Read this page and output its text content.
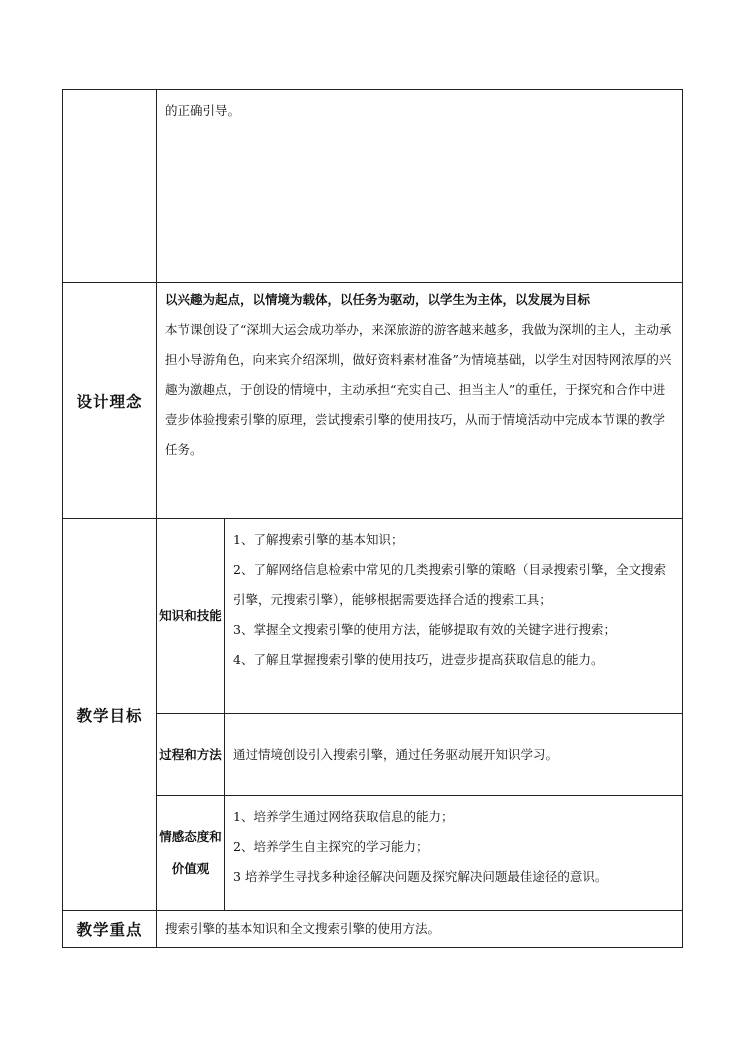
	的正确引导。	

设计理念	以兴趣为起点，以情境为载体，以任务为驱动，以学生为主体，以发展为目标

本节课创设了“深圳大运会成功举办，来深旅游的游客越来越多，我做为深圳的主人，主动承担小导游角色，向来宾介绍深圳，做好资料素材准备”为情境基础，以学生对因特网浓厚的兴趣为激趣点，于创设的情境中，主动承担“充实自己、担当主人”的重任，于探究和合作中进壹步体验搜索引擎的原理，尝试搜索引擎的使用技巧，从而于情境活动中完成本节课的教学任务。	

教学目标	知识和技能	1、了解搜索引擎的基本知识；

2、了解网络信息检索中常见的几类搜索引擎的策略（目录搜索引擎，全文搜索引擎，元搜索引擎），能够根据需要选择合适的搜索工具；

3、掌握全文搜索引擎的使用方法，能够提取有效的关键字进行搜索；

4、了解且掌握搜索引擎的使用技巧，进壹步提高获取信息的能力。

	过程和方法	通过情境创设引入搜索引擎，通过任务驱动展开知识学习。

	情感态度和价值观	1、培养学生通过网络获取信息的能力；

2、培养学生自主探究的学习能力；

3 培养学生寻找多种途径解决问题及探究解决问题最佳途径的意识。

教学重点	搜索引擎的基本知识和全文搜索引擎的使用方法。	
